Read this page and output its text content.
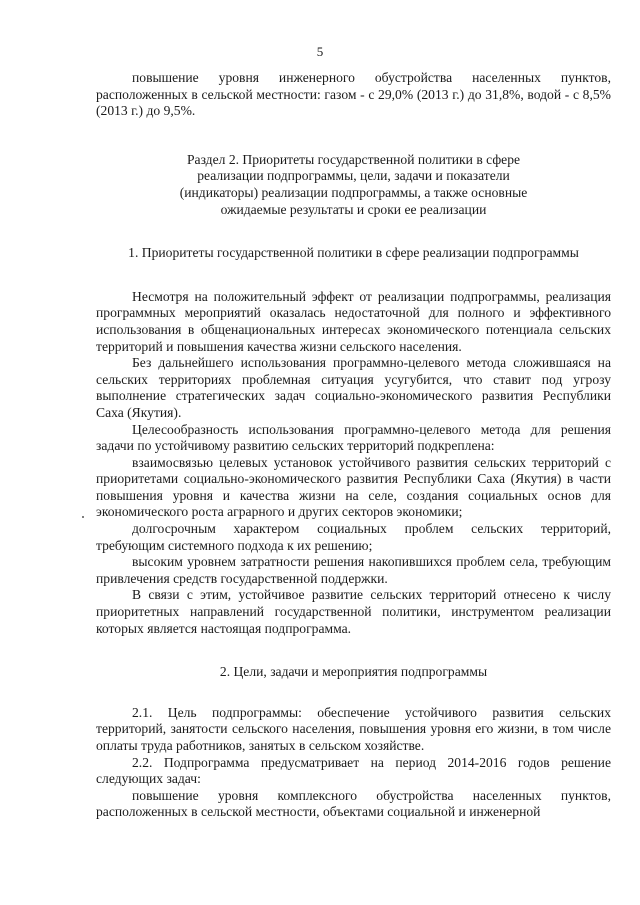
5

повышение уровня инженерного обустройства населенных пунктов, расположенных в сельской местности: газом - с 29,0% (2013 г.) до 31,8%, водой - с 8,5% (2013 г.) до 9,5%.

Раздел 2. Приоритеты государственной политики в сфере

реализации подпрограммы, цели, задачи и показатели

(индикаторы) реализации подпрограммы, а также основные

ожидаемые результаты и сроки ее реализации

1. Приоритеты государственной политики в сфере реализации подпрограммы

Несмотря на положительный эффект от реализации подпрограммы, реализация программных мероприятий оказалась недостаточной для полного и эффективного использования в общенациональных интересах экономического потенциала сельских территорий и повышения качества жизни сельского населения.

Без дальнейшего использования программно-целевого метода сложившаяся на сельских территориях проблемная ситуация усугубится, что ставит под угрозу выполнение стратегических задач социально-экономического развития Республики Саха (Якутия).

Целесообразность использования программно-целевого метода для решения задачи по устойчивому развитию сельских территорий подкреплена:

взаимосвязью целевых установок устойчивого развития сельских территорий с приоритетами социально-экономического развития Республики Саха (Якутия) в части повышения уровня и качества жизни на селе, создания социальных основ для экономического роста аграрного и других секторов экономики;

долгосрочным характером социальных проблем сельских территорий, требующим системного подхода к их решению;

высоким уровнем затратности решения накопившихся проблем села, требующим привлечения средств государственной поддержки.

В связи с этим, устойчивое развитие сельских территорий отнесено к числу приоритетных направлений государственной политики, инструментом реализации которых является настоящая подпрограмма.

2. Цели, задачи и мероприятия подпрограммы

2.1. Цель подпрограммы: обеспечение устойчивого развития сельских территорий, занятости сельского населения, повышения уровня его жизни, в том числе оплаты труда работников, занятых в сельском хозяйстве.

2.2. Подпрограмма предусматривает на период 2014-2016 годов решение следующих задач:

повышение уровня комплексного обустройства населенных пунктов, расположенных в сельской местности, объектами социальной и инженерной
